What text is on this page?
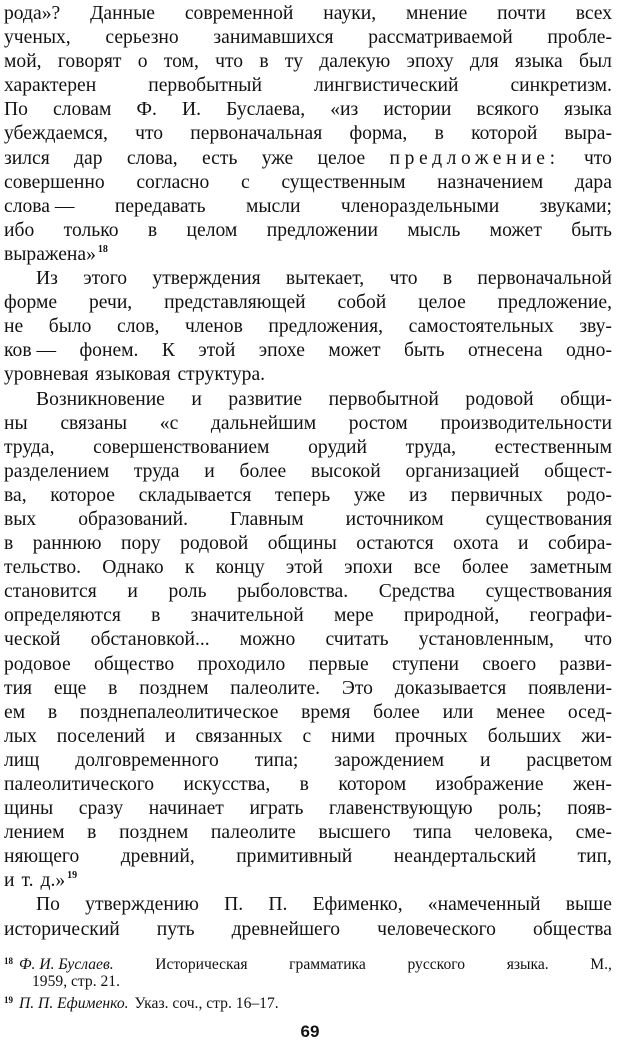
рода»? Данные современной науки, мнение почти всех
ученых, серьезно занимавшихся рассматриваемой пробле-
мой, говорят о том, что в ту далекую эпоху для языка был
характерен	первобытный	лингвистический	синкретизм.
По словам Ф. И. Буслаева, «из истории всякого языка
убеждаемся, что первоначальная форма, в которой выра-
зился дар слова, есть уже целое предложение: что
совершенно согласно с существенным назначением дара
слова — передавать мысли членораздельными звуками;
ибо только в целом предложении мысль может быть
выражена» $^{18}$
Из этого утверждения вытекает, что в первоначальной
форме речи, представляющей собой целое предложение,
не было слов, членов предложения, самостоятельных зву-
ков — фонем. К этой эпохе может быть отнесена одно-
уровневая языковая структура.
Возникновение и развитие первобытной родовой общи-
ны связаны «с дальнейшим ростом производительности
труда, совершенствованием орудий труда, естественным
разделением труда и более высокой организацией общест-
ва, которое складывается теперь уже из первичных родо-
вых образований. Главным источником существования
в раннюю пору родовой общины остаются охота и собира-
тельство. Однако к концу этой эпохи все более заметным
становится и роль рыболовства. Средства существования
определяются в значительной мере природной, географи-
ческой обстановкой... можно считать установленным, что
родовое общество проходило первые ступени своего разви-
тия еще в позднем палеолите. Это доказывается появлени-
ем в позднепалеолитическое время более или менее осед-
лых поселений и связанных с ними прочных больших жи-
лищ долговременного типа; зарождением и расцветом
палеолитического искусства, в котором изображение жен-
щины сразу начинает играть главенствующую роль; появ-
лением в позднем палеолите высшего типа человека, сме-
няющего древний, примитивный неандертальский тип,
и т. д.» $^{19}$
По утверждению П. П. Ефименко, «намеченный выше
исторический путь древнейшего человеческого общества
$^{18}$ Ф. И. Буслаев.	Историческая	грамматика	русского	языка.	М.,
1959, стр. 21.
$^{19}$ П. П. Ефименко. Указ. соч., стр. 16–17.
69
